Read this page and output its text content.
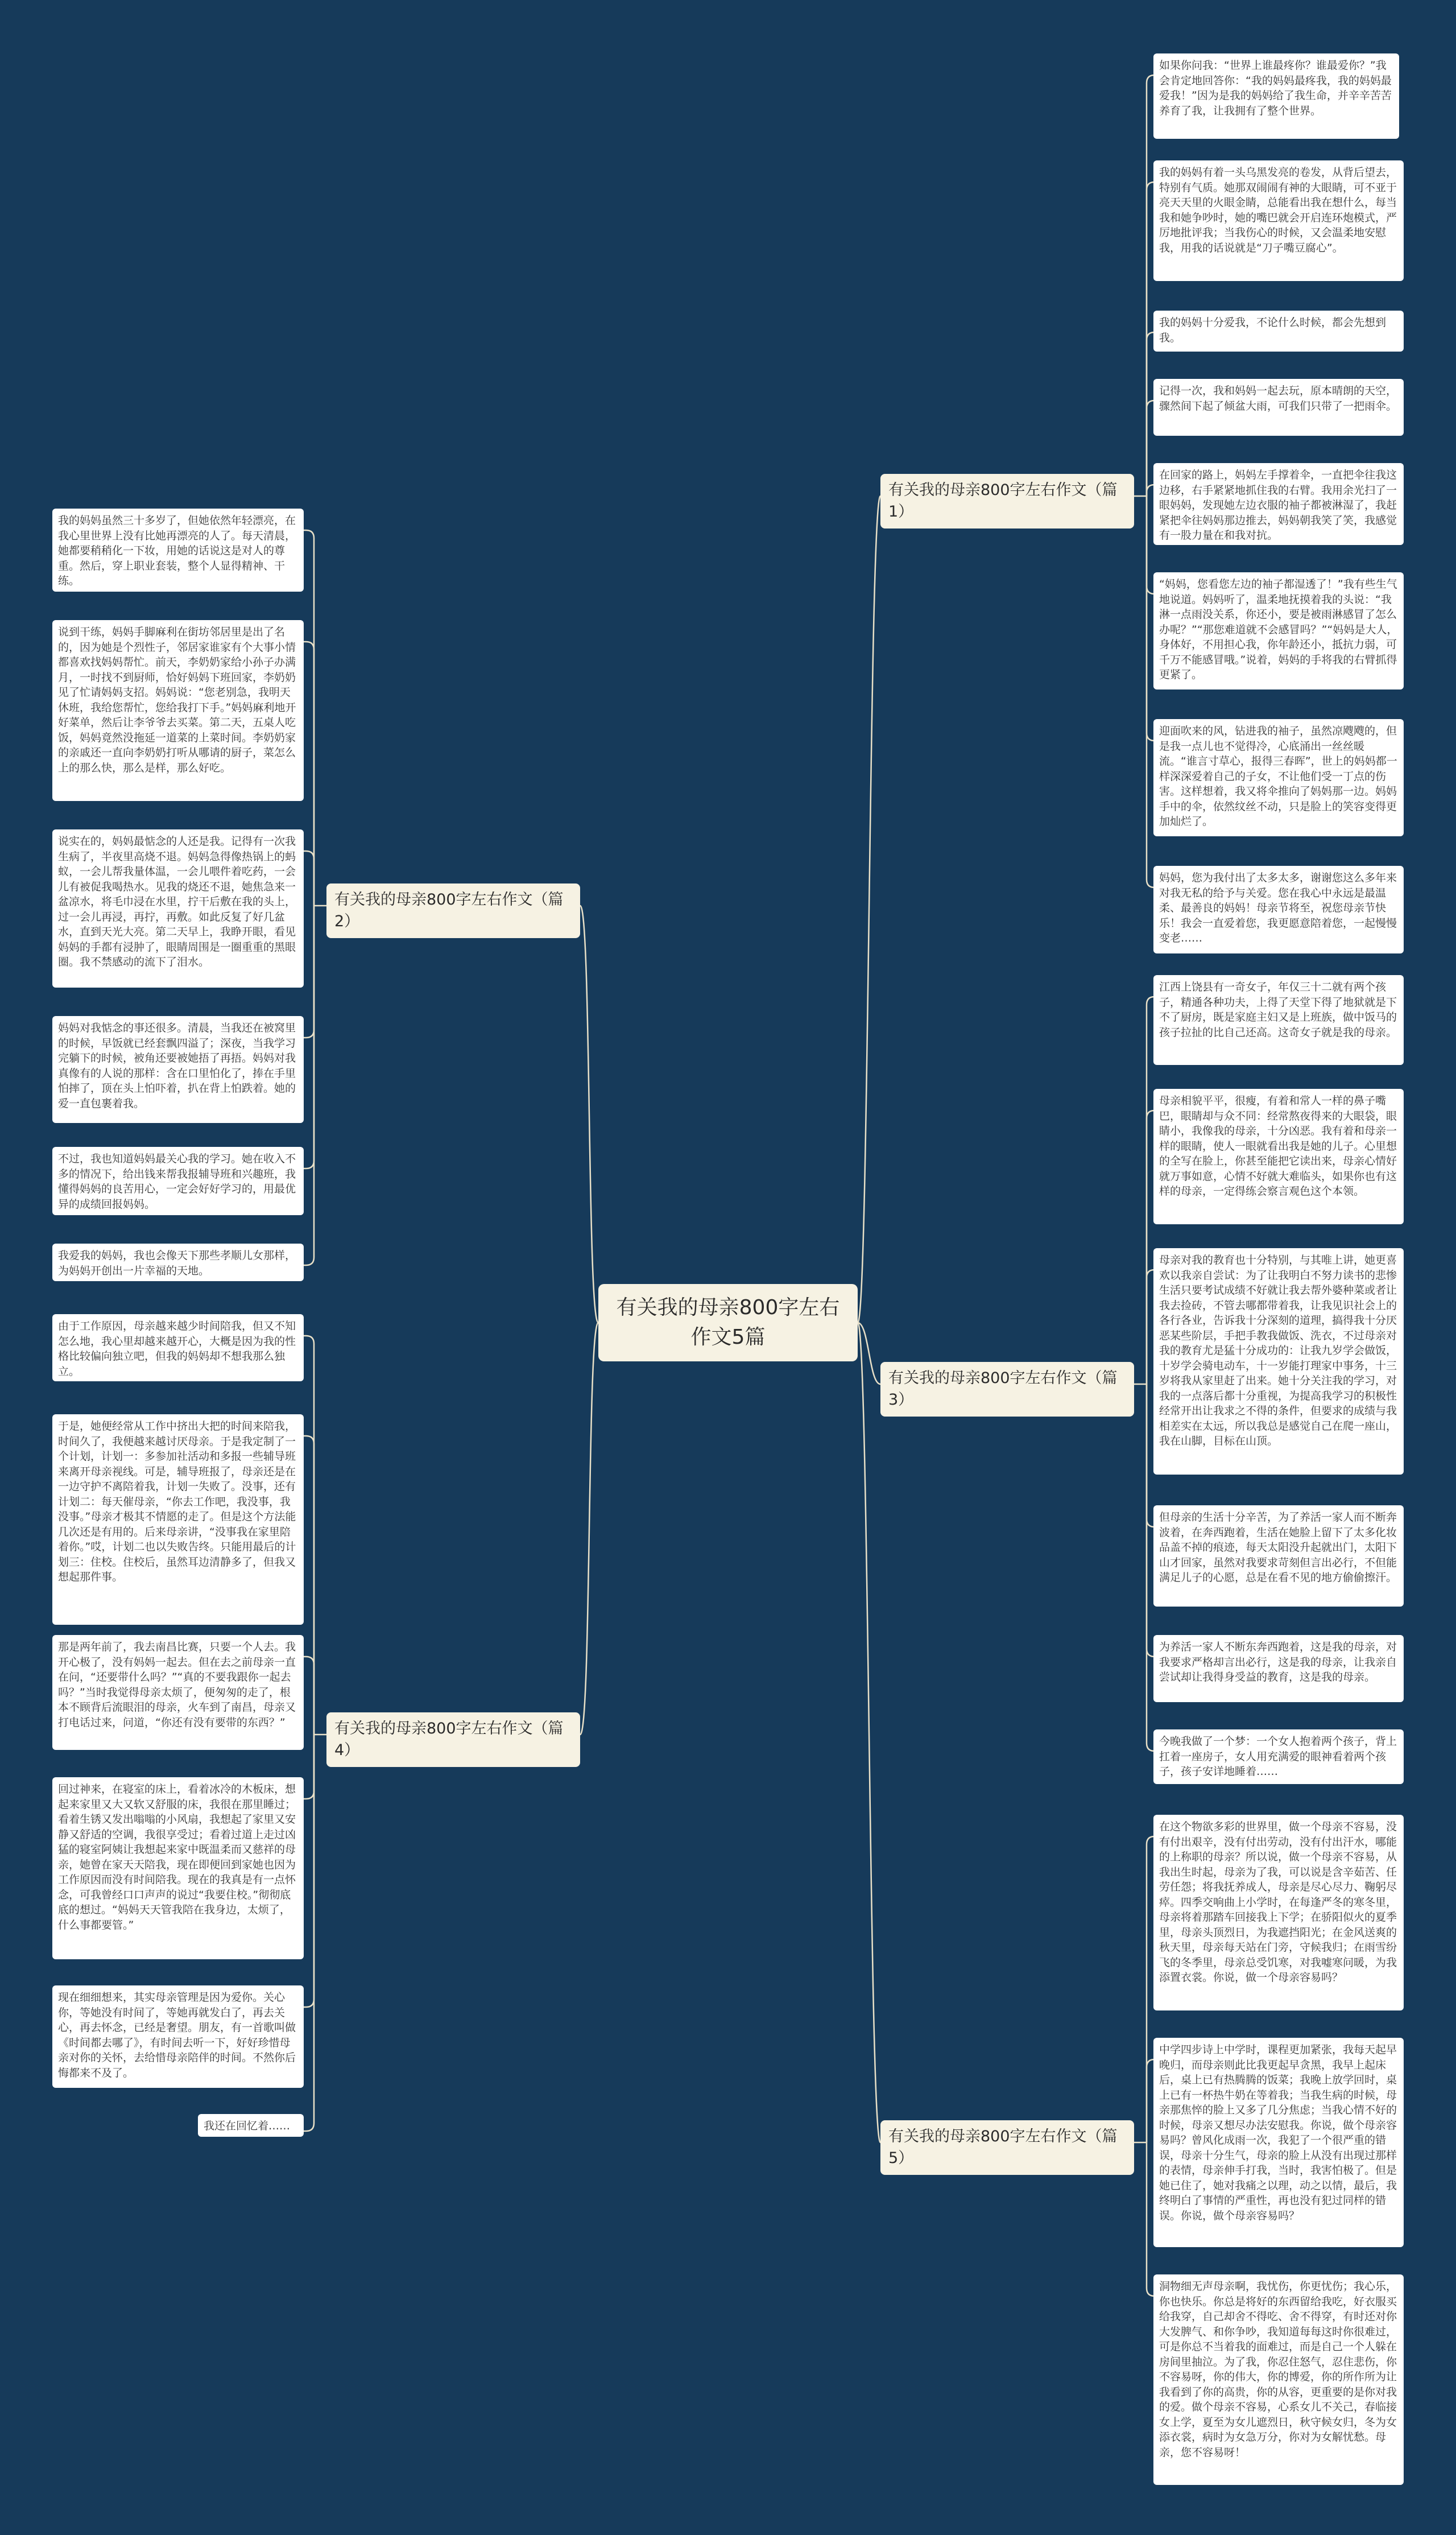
有关我的母亲800字左右作文5篇
有关我的母亲800字左右作文（篇1）
如果你问我：“世界上谁最疼你？谁最爱你？”我会肯定地回答你：“我的妈妈最疼我，我的妈妈最爱我！”因为是我的妈妈给了我生命，并辛辛苦苦养育了我，让我拥有了整个世界。
我的妈妈有着一头乌黑发亮的卷发，从背后望去，特别有气质。她那双闹闹有神的大眼睛，可不亚于亮天天里的火眼金睛，总能看出我在想什么，每当我和她争吵时，她的嘴巴就会开启连环炮模式，严厉地批评我；当我伤心的时候，又会温柔地安慰我，用我的话说就是“刀子嘴豆腐心”。
我的妈妈十分爱我，不论什么时候，都会先想到我。
记得一次，我和妈妈一起去玩，原本晴朗的天空，骤然间下起了倾盆大雨，可我们只带了一把雨伞。
在回家的路上，妈妈左手撑着伞，一直把伞往我这边移，右手紧紧地抓住我的右臂。我用余光扫了一眼妈妈，发现她左边衣服的袖子都被淋湿了，我赶紧把伞往妈妈那边推去，妈妈朝我笑了笑，我感觉有一股力量在和我对抗。
“妈妈，您看您左边的袖子都湿透了！”我有些生气地说道。妈妈听了，温柔地抚摸着我的头说：“我淋一点雨没关系，你还小，要是被雨淋感冒了怎么办呢？”“那您难道就不会感冒吗？”“妈妈是大人，身体好，不用担心我，你年龄还小，抵抗力弱，可千万不能感冒哦。”说着，妈妈的手将我的右臂抓得更紧了。
迎面吹来的风，钻进我的袖子，虽然凉飕飕的，但是我一点儿也不觉得冷，心底涌出一丝丝暖流。“谁言寸草心，报得三春晖”，世上的妈妈都一样深深爱着自己的子女，不让他们受一丁点的伤害。这样想着，我又将伞推向了妈妈那一边。妈妈手中的伞，依然纹丝不动，只是脸上的笑容变得更加灿烂了。
妈妈，您为我付出了太多太多，谢谢您这么多年来对我无私的给予与关爱。您在我心中永远是最温柔、最善良的妈妈！母亲节将至，祝您母亲节快乐！我会一直爱着您，我更愿意陪着您，一起慢慢变老……
有关我的母亲800字左右作文（篇2）
我的妈妈虽然三十多岁了，但她依然年轻漂亮，在我心里世界上没有比她再漂亮的人了。每天清晨，她都要稍稍化一下妆，用她的话说这是对人的尊重。然后，穿上职业套装，整个人显得精神、干练。
说到干练，妈妈手脚麻利在街坊邻居里是出了名的，因为她是个烈性子，邻居家谁家有个大事小情都喜欢找妈妈帮忙。前天，李奶奶家给小孙子办满月，一时找不到厨师，恰好妈妈下班回家，李奶奶见了忙请妈妈支招。妈妈说：“您老别急，我明天休班，我给您帮忙，您给我打下手。”妈妈麻利地开好菜单，然后让李爷爷去买菜。第二天，五桌人吃饭，妈妈竟然没拖延一道菜的上菜时间。李奶奶家的亲戚还一直向李奶奶打听从哪请的厨子，菜怎么上的那么快，那么是样，那么好吃。
说实在的，妈妈最惦念的人还是我。记得有一次我生病了，半夜里高烧不退。妈妈急得像热锅上的蚂蚁，一会儿帮我量体温，一会儿喂件着吃药，一会儿有被促我喝热水。见我的烧还不退，她焦急来一盆凉水，将毛巾浸在水里，拧干后敷在我的头上，过一会儿再浸，再拧，再敷。如此反复了好几盆水，直到天光大亮。第二天早上，我睁开眼，看见妈妈的手都有浸肿了，眼睛周围是一圈重重的黑眼圈。我不禁感动的流下了泪水。
妈妈对我惦念的事还很多。清晨，当我还在被窝里的时候，早饭就已经套飘四溢了；深夜，当我学习完躺下的时候，被角还要被她捂了再捂。妈妈对我真像有的人说的那样：含在口里怕化了，捧在手里怕摔了，顶在头上怕吓着，扒在背上怕跌着。她的爱一直包裹着我。
不过，我也知道妈妈最关心我的学习。她在收入不多的情况下，给出钱来帮我报辅导班和兴趣班，我懂得妈妈的良苦用心，一定会好好学习的，用最优异的成绩回报妈妈。
我爱我的妈妈，我也会像天下那些孝顺儿女那样，为妈妈开创出一片幸福的天地。
有关我的母亲800字左右作文（篇3）
江西上饶县有一奇女子，年仅三十二就有两个孩子，精通各种功夫，上得了天堂下得了地狱就是下不了厨房，既是家庭主妇又是上班族，做中饭马的孩子拉扯的比自己还高。这奇女子就是我的母亲。
母亲相貌平平，很瘦，有着和常人一样的鼻子嘴巴，眼睛却与众不同：经常熬夜得来的大眼袋，眼睛小，我像我的母亲，十分凶恶。我有着和母亲一样的眼睛，使人一眼就看出我是她的儿子。心里想的全写在脸上，你甚至能把它读出来，母亲心情好就万事如意，心情不好就大难临头，如果你也有这样的母亲，一定得练会察言观色这个本领。
母亲对我的教育也十分特别，与其唯上讲，她更喜欢以我亲自尝试：为了让我明白不努力读书的悲惨生活只要考试成绩不好就让我去帮外婆种菜或者让我去捡砖，不管去哪都带着我，让我见识社会上的各行各业，告诉我十分深刻的道理，搞得我十分厌恶某些阶层，手把手教我做饭、洗衣，不过母亲对我的教育尤是猛十分成功的：让我九岁学会做饭，十岁学会骑电动车，十一岁能打理家中事务，十三岁将我从家里赶了出来。她十分关注我的学习，对我的一点落后都十分重视，为提高我学习的积极性经常开出让我求之不得的条件，但要求的成绩与我相差实在太远，所以我总是感觉自己在爬一座山，我在山脚，目标在山顶。
但母亲的生活十分辛苦，为了养活一家人而不断奔波着，在奔西跑着，生活在她脸上留下了太多化妆品盖不掉的痕迹，每天太阳没升起就出门，太阳下山才回家，虽然对我要求苛刻但言出必行，不但能满足儿子的心愿，总是在看不见的地方偷偷擦汗。
为养活一家人不断东奔西跑着，这是我的母亲，对我要求严格却言出必行，这是我的母亲，让我亲自尝试却让我得身受益的教育，这是我的母亲。
今晚我做了一个梦：一个女人抱着两个孩子，背上扛着一座房子，女人用充满爱的眼神看着两个孩子，孩子安详地睡着……
有关我的母亲800字左右作文（篇4）
由于工作原因，母亲越来越少时间陪我，但又不知怎么地，我心里却越来越开心，大概是因为我的性格比较偏向独立吧，但我的妈妈却不想我那么独立。
于是，她便经常从工作中挤出大把的时间来陪我，时间久了，我便越来越讨厌母亲。于是我定制了一个计划，计划一：多参加社活动和多报一些辅导班来离开母亲视线。可是，辅导班报了，母亲还是在一边守护不离陪着我，计划一失败了。没事，还有计划二：每天催母亲，“你去工作吧，我没事，我没事。”母亲才极其不情愿的走了。但是这个方法能几次还是有用的。后来母亲讲，“没事我在家里陪着你。”哎，计划二也以失败告终。只能用最后的计划三：住校。住校后，虽然耳边清静多了，但我又想起那件事。
那是两年前了，我去南昌比赛，只要一个人去。我开心极了，没有妈妈一起去。但在去之前母亲一直在问，“还要带什么吗？”“真的不要我跟你一起去吗？”当时我觉得母亲太烦了，便匆匆的走了，根本不顾背后流眼泪的母亲，火车到了南昌，母亲又打电话过来，问道，“你还有没有要带的东西？”
回过神来，在寝室的床上，看着冰冷的木板床，想起来家里又大又软又舒服的床，我很在那里睡过；看着生锈又发出嗡嗡的小风扇，我想起了家里又安静又舒适的空调，我很享受过；看着过道上走过凶猛的寝室阿姨让我想起来家中既温柔而又慈祥的母亲，她曾在家天天陪我，现在即便回到家她也因为工作原因而没有时间陪我。现在的我真是有一点怀念，可我曾经口口声声的说过“我要住校。”彻彻底底的想过。“妈妈天天管我陪在我身边，太烦了，什么事都要管。”
现在细细想来，其实母亲管理是因为爱你。关心你，等她没有时间了，等她再就发白了，再去关心，再去怀念，已经是奢望。朋友，有一首歌叫做《时间都去哪了》，有时间去听一下，好好珍惜母亲对你的关怀，去给惜母亲陪伴的时间。不然你后悔都来不及了。
我还在回忆着……
有关我的母亲800字左右作文（篇5）
在这个物欲多彩的世界里，做一个母亲不容易，没有付出艰辛，没有付出劳动，没有付出汗水，哪能的上称职的母亲？所以说，做一个母亲不容易，从我出生时起，母亲为了我，可以说是含辛茹苦、任劳任怨；将我抚养成人，母亲是尽心尽力、鞠躬尽瘁。四季交响曲上小学时，在每逢严冬的寒冬里，母亲将着那踏车回接我上下学；在骄阳似火的夏季里，母亲头顶烈日，为我遮挡阳光；在金风送爽的秋天里，母亲每天站在门旁，守候我归；在雨雪纷飞的冬季里，母亲总受饥寒，对我嘘寒问暖，为我添置衣裳。你说，做一个母亲容易吗？
中学四步诗上中学时，课程更加紧张，我每天起早晚归，而母亲则此比我更起早贪黑，我早上起床后，桌上已有热腾腾的饭菜；我晚上放学回时，桌上已有一杯热牛奶在等着我；当我生病的时候，母亲那焦悴的脸上又多了几分焦虑；当我心情不好的时候，母亲又想尽办法安慰我。你说，做个母亲容易吗？曾风化成雨一次，我犯了一个很严重的错误，母亲十分生气，母亲的脸上从没有出现过那样的表情，母亲伸手打我，当时，我害怕极了。但是她已住了，她对我痛之以理，动之以情，最后，我终明白了事情的严重性，再也没有犯过同样的错误。你说，做个母亲容易吗？
洞物细无声母亲啊，我忧伤，你更忧伤；我心乐，你也快乐。你总是将好的东西留给我吃，好衣服买给我穿，自己却舍不得吃、舍不得穿，有时还对你大发脾气、和你争吵，我知道每每这时你很难过，可是你总不当着我的面难过，而是自己一个人躲在房间里抽泣。为了我，你忍住怒气，忍住悲伤，你不容易呀，你的伟大，你的博爱，你的所作所为让我看到了你的高贵，你的从容，更重要的是你对我的爱。做个母亲不容易，心系女儿不关己，春临接女上学，夏至为女儿遮烈日，秋守候女归，冬为女添衣裳，病时为女急万分，你对为女解忧愁。母亲，您不容易呀！
